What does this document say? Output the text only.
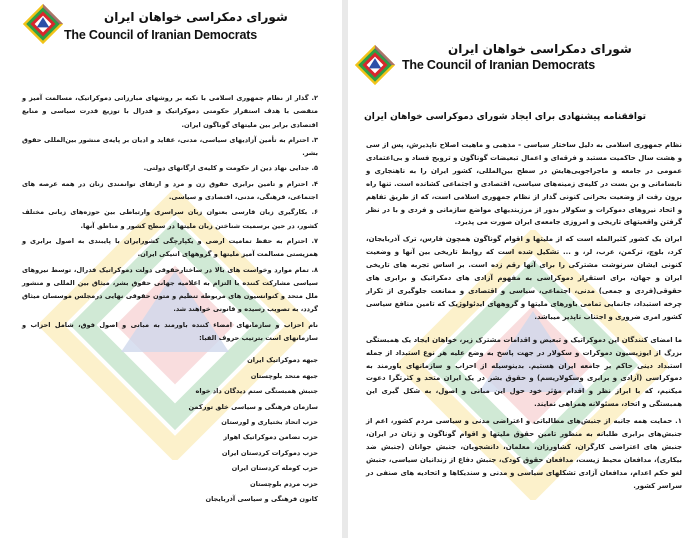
شورای دمکراسی خواهان ایران
The Council of Iranian Democrats

۲. گذار از نظام جمهوری اسلامی با تکیه بر روشهای مبارزاتی دموکراتیک، مسالمت آمیز و متقضی با هدف استقرار حکومتی دموکراتیک و فدرال با توزیع قدرت سیاسی و منابع اقتصادی برابر بین ملیتهای گوناگون ایران.

۳. احترام به تأمین آزادیهای سیاسی، مدنی، عقاید و ادیان بر پایه‌ی منشور بین‌المللی حقوق بشر.

۵. جدایی نهاد دین از حکومت و کلیه‌ی ارگانهای دولتی.

۴. احترام و تامین برابری حقوق زن و مرد و ارتقای توانمندی زنان در همه عرصه های اجتماعی، فرهنگی، مدنی، اقتصادی و سیاسی.

۶. بکارگیری زبان فارسی بعنوان زبان سراسری وارتباطی بین حوزه‌های زبانی مختلف کشور، در حین برسمیت شناختن زبان ملیتها در سطح کشور و مناطق آنها.

۷. احترام به حفظ تمامیت ارضی و یکپارچگی کشورایران با پایبندی به اصول برابری و همزیستی مسالمت آمیز ملیتها و گروههای اتنیکی ایران.

۸. تمام موارد وخواست های بالا در ساختارحقوقی دولت دموکراتیک فدرال، توسط نیروهای سیاسی مشارکت کننده با التزام به اعلامیه جهانی حقوق بشر، میثاق بین المللی و منشور ملل متحد و کنوانسیون های مربوطه تنظیم و متون حقوقی نهایی درمجلس موسسان میثاق گردد، به تصویب رسیده و قانونی خواهند شد.

نام احزاب و سازمانهای امضاء کننده باورمند به مبانی و اصول فوق، شامل احزاب و سازمانهای است بترتیب حروف الفبا:

جبهه دموکراتیک ایران
جبهه متحد بلوچستان
جنبش همبستگی ستم دیدگان داد خواه
سازمان فرهنگی و سیاسی خلق تورکمن
حزب اتحاد بختیاری و لورستان
حزب تضامن دموکراتیک اهواز
حزب دموکرات کردستان ایران
حزب کومله کردستان ایران
حزب مردم بلوچستان
کانون فرهنگی و سیاسی آذربایجان
شورای دمکراسی خواهان ایران
The Council of Iranian Democrats
توافقنامه پیشنهادی برای ایجاد شورای دموکراسی خواهان ایران

نظام جمهوری اسلامی به دلیل ساختار سیاسی - مذهبی و ماهیت اصلاح ناپذیرش، پس از سی و هشت سال حاکمیت مستبد و فرقه‌ای و اعمال تبعیضات گوناگون و ترویج فساد و بی‌اعتمادی عمومی در جامعه و ماجراجویی‌هایش در سطح بین‌المللی، کشور ایران را به ناهنجاری و نابسامانی و بن بست در کلیه‌ی زمینه‌های سیاسی، اقتصادی و اجتماعی کشانده است. تنها راه برون رفت از وضعیت بحرانی کنونی گذار از نظام جمهوری اسلامی است، که از طریق تفاهم و اتحاد نیروهای دموکرات و سکولار بدور از مرزبندیهای مواضع سازمانی و فردی و با در نظر گرفتن واقعیتهای تاریخی و امروزی جامعه‌ی ایران صورت می پذیرد.

ایران یک کشور کثیرالمله است که از ملیتها و اقوام گوناگون همچون فارس، ترک آذربایجان، کرد، بلوچ، ترکمن، عرب، لر، و ... تشکیل شده است که روابط تاریخی بین آنها و وضعیت کنونی ایشان سرنوشت مشترکی را برای آنها رقم زده است. بر اساس تجربه های تاریخی ایران و جهان، برای استقرار دموکراسی به مفهوم آزادی های دمکراتیک و برابری های حقوقی(فردی و جمعی) مدنی، اجتماعی، سیاسی و اقتصادی و ممانعت جلوگیری از تکرار چرخه استبداد، جانمایی تمامی باورهای ملیتها و گروههای ایدئولوژیک که تامین منافع سیاسی کشور امری ضروری و اجتناب ناپذیر میباشد.

ما امضای کنندگان این دموکراتیک و تبعیض و اقدامات مشترک زیر، خواهان ایجاد یک همبستگی بزرگ از ایوزیسیون دموکرات و سکولار در جهت پاسخ به وضع علیه هر نوع استبداد از جمله استبداد دینی حاکم بر جامعه ایران هستیم. بدینوسیله از احزاب و سازمانهای باورمند به دموکراسی (آزادی و برابری وسکولاریسم) و حقوق بشر در یک ایران متحد و کثرتگرا دعوت میکنیم، که با ابراز نظر و اقدام مؤثر خود حول این مبانی و اصول، به شکل گیری این همبستگی و اتحاد، مسئولانه همراهی نمایند.

۱. حمایت همه جانبه از جنبش‌های مطالباتی و اعتراضی مدنی و سیاسی مردم کشور، اعم از جنبش‌های برابری طلبانه به منظور تامین حقوق ملیتها و اقوام گوناگون و زنان در ایران، جنبش های اعتراضی کارگران، کشاورزان، معلمان، دانشجویان، جنبش جوانان (جنبش ضد بیکاری)، مدافعان محیط زیست، مدافعان حقوق کودک، جنبش دفاع از زندانیان سیاسی، جنبش لغو حکم اعدام، مدافعان آزادی تشکلهای سیاسی و مدنی و سندیکاها و اتحادیه های صنفی در سراسر کشور.
